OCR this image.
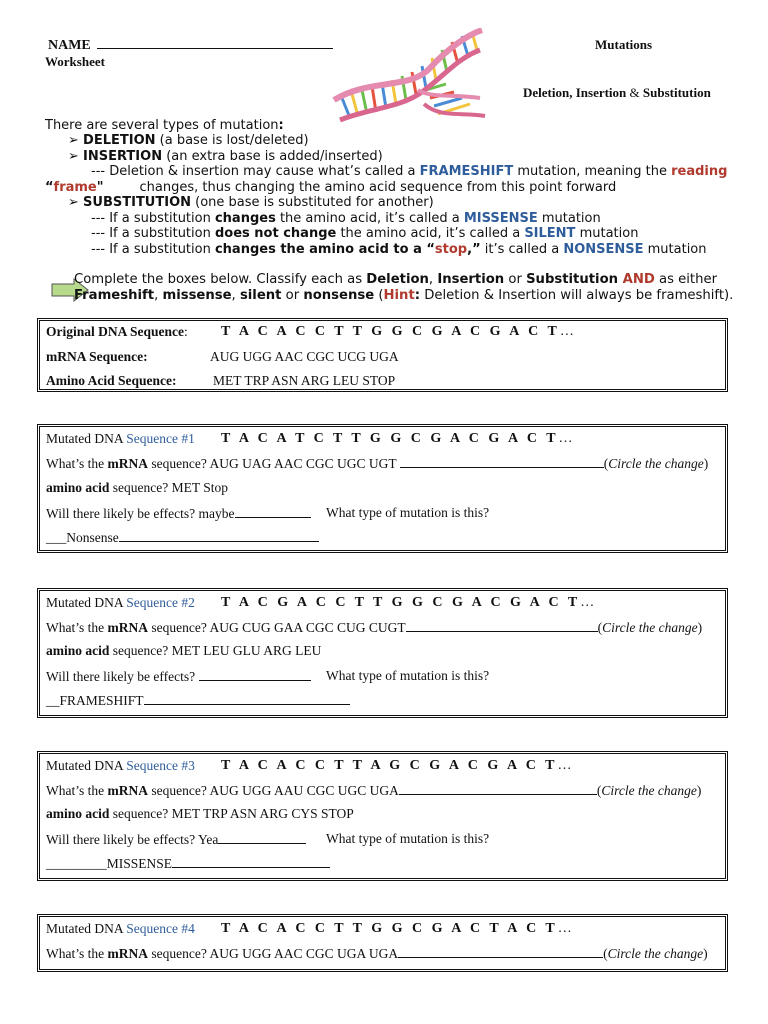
NAME
Worksheet
Mutations
Deletion, Insertion & Substitution
There are several types of mutation:
➢ DELETION (a base is lost/deleted)
➢ INSERTION (an extra base is added/inserted)
--- Deletion & insertion may cause what’s called a FRAMESHIFT mutation, meaning the reading
“frame"	changes, thus changing the amino acid sequence from this point forward
➢ SUBSTITUTION (one base is substituted for another)
--- If a substitution changes the amino acid, it’s called a MISSENSE mutation
--- If a substitution does not change the amino acid, it’s called a SILENT mutation
--- If a substitution changes the amino acid to a “stop,” it’s called a NONSENSE mutation
Complete the boxes below. Classify each as Deletion, Insertion or Substitution AND as either
Frameshift, missense, silent or nonsense (Hint: Deletion & Insertion will always be frameshift).
Original DNA Sequence: T A C A C C T T G G C G A C G A C T…
mRNA Sequence:	AUG UGG AAC CGC UCG UGA
Amino Acid Sequence:	MET TRP ASN ARG LEU STOP
Mutated DNA Sequence #1 T A C A T C T T G G C G A C G A C T…
What’s the mRNA sequence? AUG UAG AAC CGC UGC UGT	(Circle the change)
amino acid sequence? MET Stop
Will there likely be effects? maybe	What type of mutation is this?
___Nonsense
Mutated DNA Sequence #2 T A C G A C C T T G G C G A C G A C T…
What’s the mRNA sequence? AUG CUG GAA CGC CUG CUGT	(Circle the change)
amino acid sequence? MET LEU GLU ARG LEU
Will there likely be effects?	What type of mutation is this?
__FRAMESHIFT
Mutated DNA Sequence #3 T A C A C C T T A G C G A C G A C T…
What’s the mRNA sequence? AUG UGG AAU CGC UGC UGA	(Circle the change)
amino acid sequence? MET TRP ASN ARG CYS STOP
Will there likely be effects? Yea	What type of mutation is this?
_________MISSENSE
Mutated DNA Sequence #4 T A C A C C T T G G C G A C T A C T…
What’s the mRNA sequence? AUG UGG AAC CGC UGA UGA	(Circle the change)
